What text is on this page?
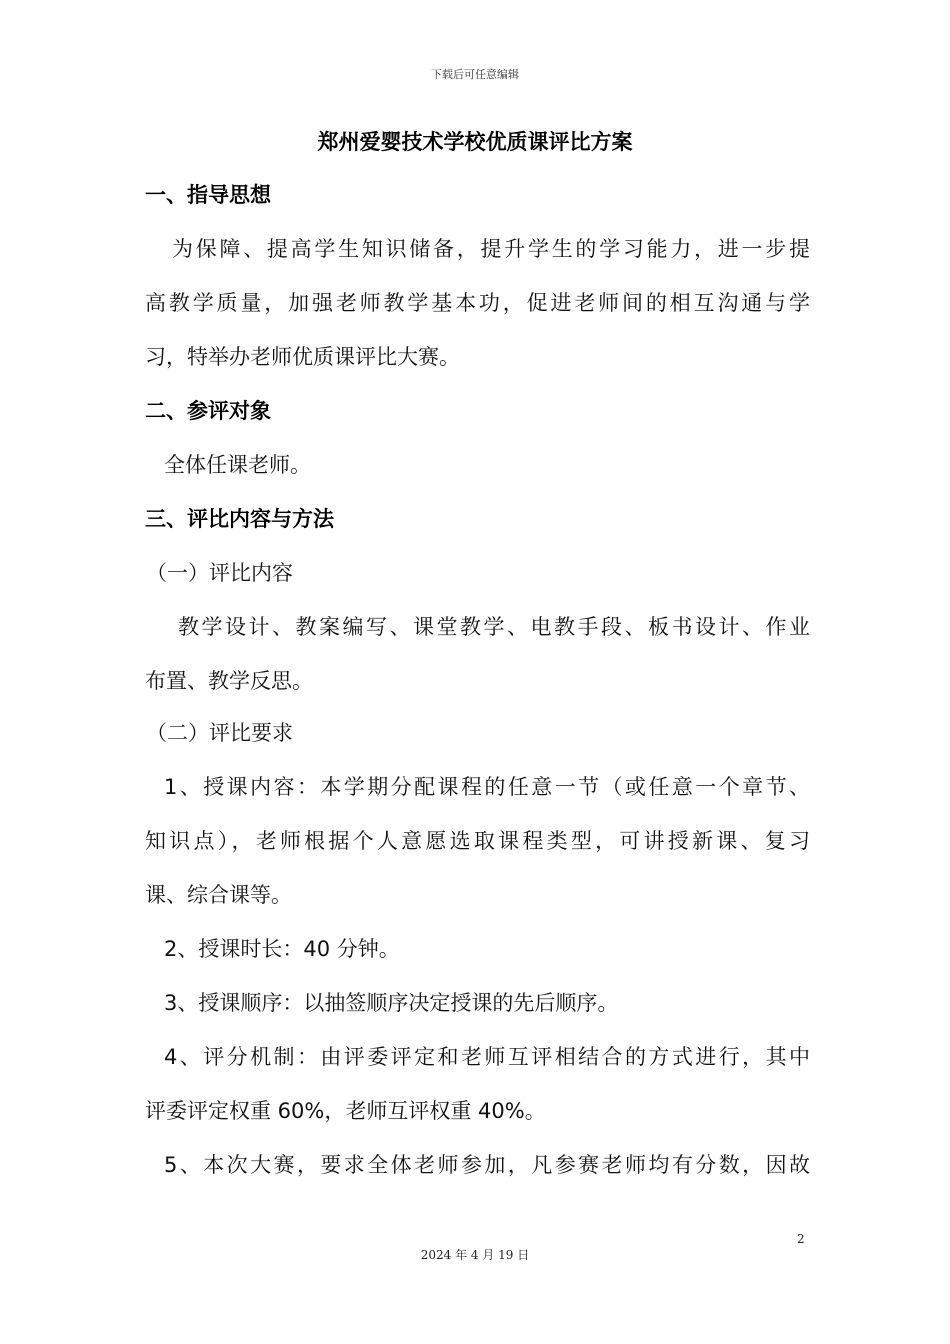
下载后可任意编辑
郑州爱婴技术学校优质课评比方案
一、指导思想
为保障、提高学生知识储备，提升学生的学习能力，进一步提
高教学质量，加强老师教学基本功，促进老师间的相互沟通与学
习，特举办老师优质课评比大赛。
二、参评对象
全体任课老师。
三、评比内容与方法
（一）评比内容
教学设计、教案编写、课堂教学、电教手段、板书设计、作业
布置、教学反思。
（二）评比要求
1、授课内容：本学期分配课程的任意一节（或任意一个章节、
知识点），老师根据个人意愿选取课程类型，可讲授新课、复习
课、综合课等。
2、授课时长：40 分钟。
3、授课顺序：以抽签顺序决定授课的先后顺序。
4、评分机制：由评委评定和老师互评相结合的方式进行，其中
评委评定权重 60%，老师互评权重 40%。
5、本次大赛，要求全体老师参加，凡参赛老师均有分数，因故
2
2024 年 4 月 19 日
